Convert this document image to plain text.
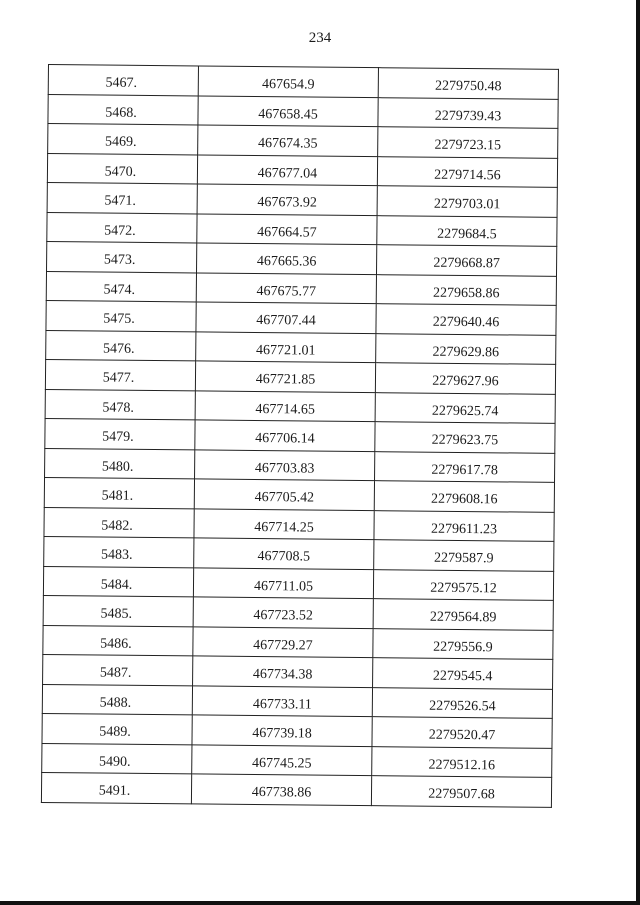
234
5467.	467654.9	2279750.48
5468.	467658.45	2279739.43
5469.	467674.35	2279723.15
5470.	467677.04	2279714.56
5471.	467673.92	2279703.01
5472.	467664.57	2279684.5
5473.	467665.36	2279668.87
5474.	467675.77	2279658.86
5475.	467707.44	2279640.46
5476.	467721.01	2279629.86
5477.	467721.85	2279627.96
5478.	467714.65	2279625.74
5479.	467706.14	2279623.75
5480.	467703.83	2279617.78
5481.	467705.42	2279608.16
5482.	467714.25	2279611.23
5483.	467708.5	2279587.9
5484.	467711.05	2279575.12
5485.	467723.52	2279564.89
5486.	467729.27	2279556.9
5487.	467734.38	2279545.4
5488.	467733.11	2279526.54
5489.	467739.18	2279520.47
5490.	467745.25	2279512.16
5491.	467738.86	2279507.68
